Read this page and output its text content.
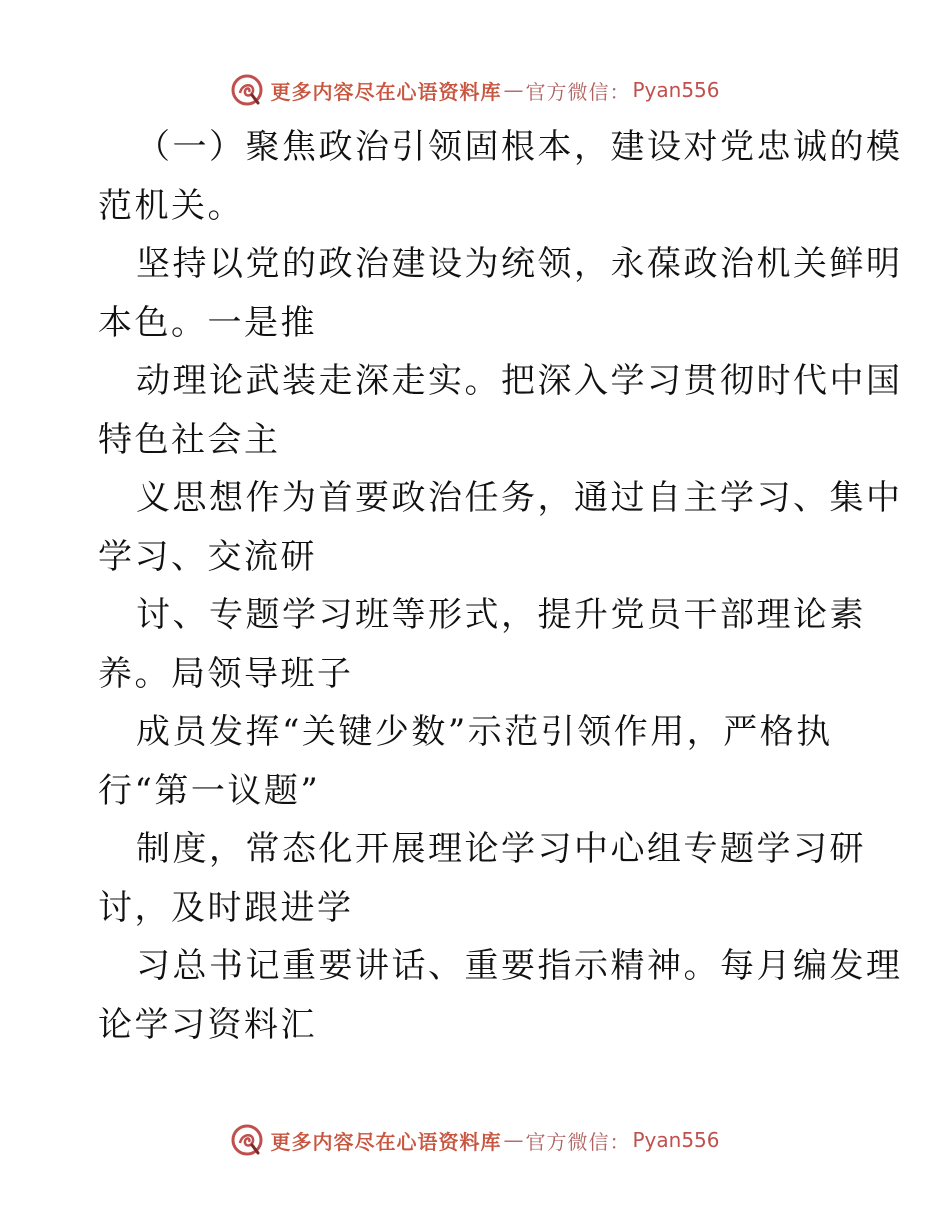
更多内容尽在心语资料库 — 官方微信： Pyan556
（一）聚焦政治引领固根本，建设对党忠诚的模
范机关。
坚持以党的政治建设为统领，永葆政治机关鲜明
本色。一是推
动理论武装走深走实。把深入学习贯彻时代中国
特色社会主
义思想作为首要政治任务，通过自主学习、集中
学习、交流研
讨、专题学习班等形式，提升党员干部理论素
养。局领导班子
成员发挥“关键少数”示范引领作用，严格执
行“第一议题”
制度，常态化开展理论学习中心组专题学习研
讨，及时跟进学
习总书记重要讲话、重要指示精神。每月编发理
论学习资料汇
更多内容尽在心语资料库 — 官方微信： Pyan556
